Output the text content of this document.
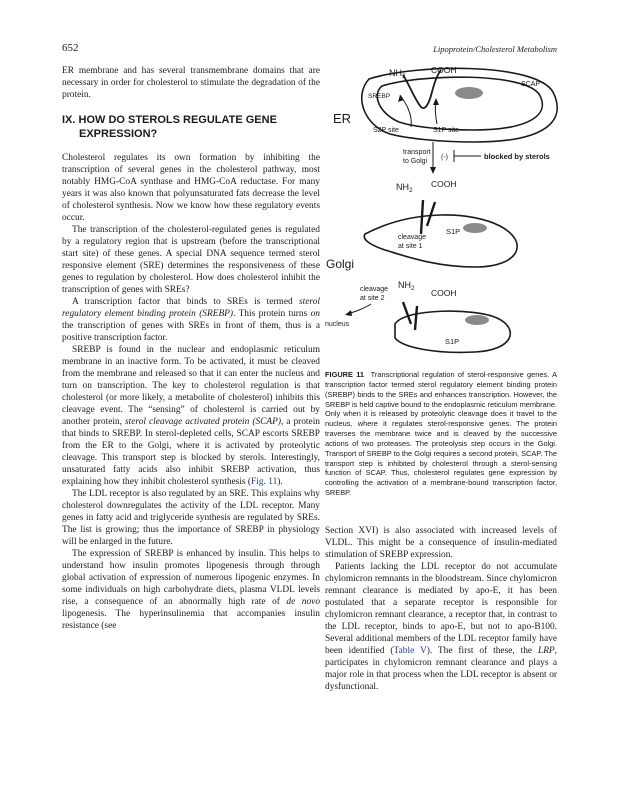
652	Lipoprotein/Cholesterol Metabolism

ER membrane and has several transmembrane domains that are necessary in order for cholesterol to stimulate the degradation of the protein.

IX. HOW DO STEROLS REGULATE GENE EXPRESSION?

Cholesterol regulates its own formation by inhibiting the transcription of several genes in the cholesterol pathway, most notably HMG-CoA synthase and HMG-CoA reductase. For many years it was also known that polyunsaturated fats decrease the level of cholesterol synthesis. Now we know how these regulatory events occur.

The transcription of the cholesterol-regulated genes is regulated by a regulatory region that is upstream (before the transcriptional start site) of these genes. A special DNA sequence termed sterol responsive element (SRE) determines the responsiveness of these genes to regulation by cholesterol. How does cholesterol inhibit the transcription of genes with SREs?

A transcription factor that binds to SREs is termed sterol regulatory element binding protein (SREBP). This protein turns on the transcription of genes with SREs in front of them, thus is a positive transcription factor.

SREBP is found in the nuclear and endoplasmic reticulum membrane in an inactive form. To be activated, it must be cleaved from the membrane and released so that it can enter the nucleus and turn on transcription. The key to cholesterol regulation is that cholesterol (or more likely, a metabolite of cholesterol) inhibits this cleavage event. The “sensing” of cholesterol is carried out by another protein, sterol cleavage activated protein (SCAP), a protein that binds to SREBP. In sterol-depleted cells, SCAP escorts SREBP from the ER to the Golgi, where it is activated by proteolytic cleavage. This transport step is blocked by sterols. Interestingly, unsaturated fatty acids also inhibit SREBP activation, thus explaining how they inhibit cholesterol synthesis (Fig. 11).

The LDL receptor is also regulated by an SRE. This explains why cholesterol downregulates the activity of the LDL receptor. Many genes in fatty acid and triglyceride synthesis are regulated by SREs. The list is growing; thus the importance of SREBP in physiology will be enlarged in the future.

The expression of SREBP is enhanced by insulin. This helps to understand how insulin promotes lipogenesis through through global activation of expression of numerous lipogenic enzymes. In some individuals on high carbohydrate diets, plasma VLDL levels rise, a consequence of an abnormally high rate of de novo lipogenesis. The hyperinsulinemia that accompanies insulin resistance (see

$NH_2$
COOH
SCAP
SREBP
ER
S2P site	S1P site
transport
to Golgi
(-)	blocked by sterols
$NH_2$
COOH
S1P
cleavage
at site 1
Golgi
cleavage
at site 2
$NH_2$ COOH
nucleus
S1P
FIGURE 11 Transcriptional regulation of sterol-responsive genes. A transcription factor termed sterol regulatory element binding protein (SREBP) binds to the SREs and enhances transcription. However, the SREBP is held captive bound to the endoplasmic reticulum membrane. Only when it is released by proteolytic cleavage does it travel to the nucleus, where it regulates sterol-responsive genes. The protein traverses the membrane twice and is cleaved by the successive actions of two proteases. The proteolysis step occurs in the Golgi. Transport of SREBP to the Golgi requires a second protein, SCAP. The transport step is inhibited by cholesterol through a sterol-sensing function of SCAP. Thus, cholesterol regulates gene expression by controlling the activation of a membrane-bound transcription factor, SREBP.

Section XVI) is also associated with increased levels of VLDL. This might be a consequence of insulin-mediated stimulation of SREBP expression.

Patients lacking the LDL receptor do not accumulate chylomicron remnants in the bloodstream. Since chylomicron remnant clearance is mediated by apo-E, it has been postulated that a separate receptor is responsible for chylomicron remnant clearance, a receptor that, in contrast to the LDL receptor, binds to apo-E, but not to apo-B100. Several additional members of the LDL receptor family have been identified (Table V). The first of these, the LRP, participates in chylomicron remnant clearance and plays a major role in that process when the LDL receptor is absent or dysfunctional.
